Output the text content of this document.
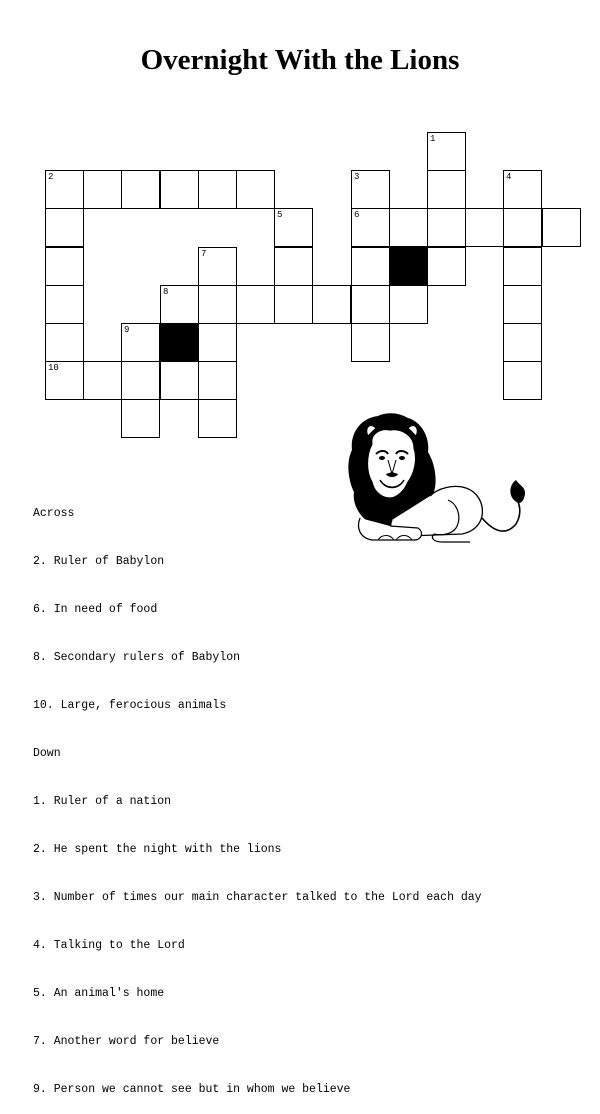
Overnight With the Lions
1
2	3	4
5	6
7
8
9
10

Across

2. Ruler of Babylon

6. In need of food

8. Secondary rulers of Babylon

10. Large, ferocious animals

Down

1. Ruler of a nation

2. He spent the night with the lions

3. Number of times our main character talked to the Lord each day

4. Talking to the Lord

5. An animal's home

7. Another word for believe

9. Person we cannot see but in whom we believe
